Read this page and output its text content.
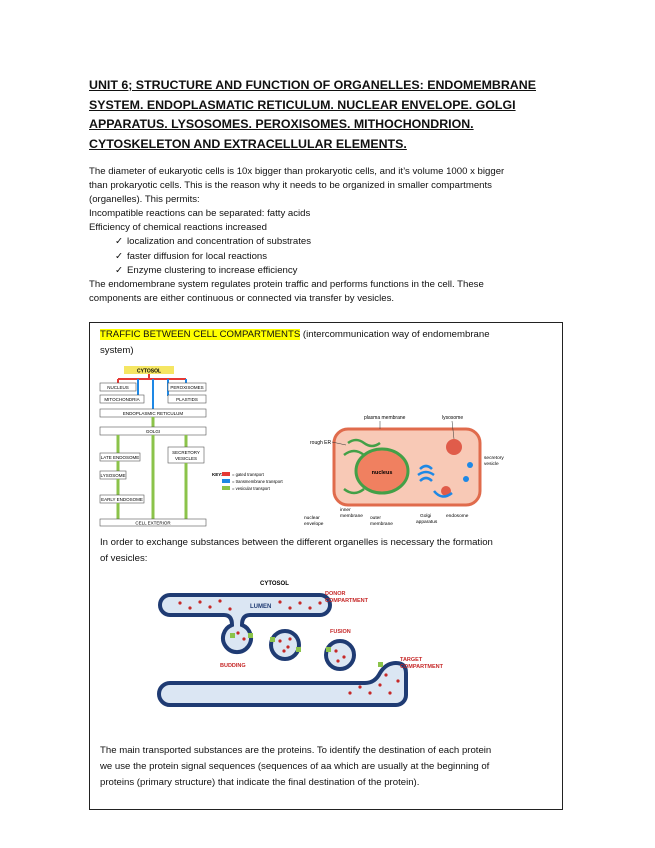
UNIT 6; STRUCTURE AND FUNCTION OF ORGANELLES: ENDOMEMBRANE
SYSTEM. ENDOPLASMATIC RETICULUM. NUCLEAR ENVELOPE. GOLGI
APPARATUS. LYSOSOMES. PEROXISOMES. MITHOCHONDRION.
CYTOSKELETON AND EXTRACELLULAR ELEMENTS.
The diameter of eukaryotic cells is 10x bigger than prokaryotic cells, and it’s volume 1000 x bigger
than prokaryotic cells. This is the reason why it needs to be organized in smaller compartments
(organelles). This permits:
Incompatible reactions can be separated: fatty acids
Efficiency of chemical reactions increased
✓ localization and concentration of substrates
✓ faster diffusion for local reactions
✓ Enzyme clustering to increase efficiency
The endomembrane system regulates protein traffic and performs functions in the cell. These
components are either continuous or connected via transfer by vesicles.
TRAFFIC BETWEEN CELL COMPARTMENTS (intercommunication way of endomembrane
system)
CYTOSOL
NUCLEUS	PEROXISOMES
MITOCHONDRIA	PLASTIDS
ENDOPLASMIC RETICULUM
GOLGI
LATE ENDOSOME
SECRETORY
VESICLES
LYSOSOME
EARLY ENDOSOME
CELL EXTERIOR
KEY: = gated transport
= transmembrane transport
= vesicular transport
nucleus
plasma membrane	lysosome
rough ER
secretory
vesicle
inner
membrane
nuclear
envelope
outer
membrane
Golgi
apparatus
endosome
In order to exchange substances between the different organelles is necessary the formation
of vesicles:
CYTOSOL
LUMEN
DONOR
COMPARTMENT
FUSION
BUDDING
TARGET
COMPARTMENT
The main transported substances are the proteins. To identify the destination of each protein
we use the protein signal sequences (sequences of aa which are usually at the beginning of
proteins (primary structure) that indicate the final destination of the protein).
